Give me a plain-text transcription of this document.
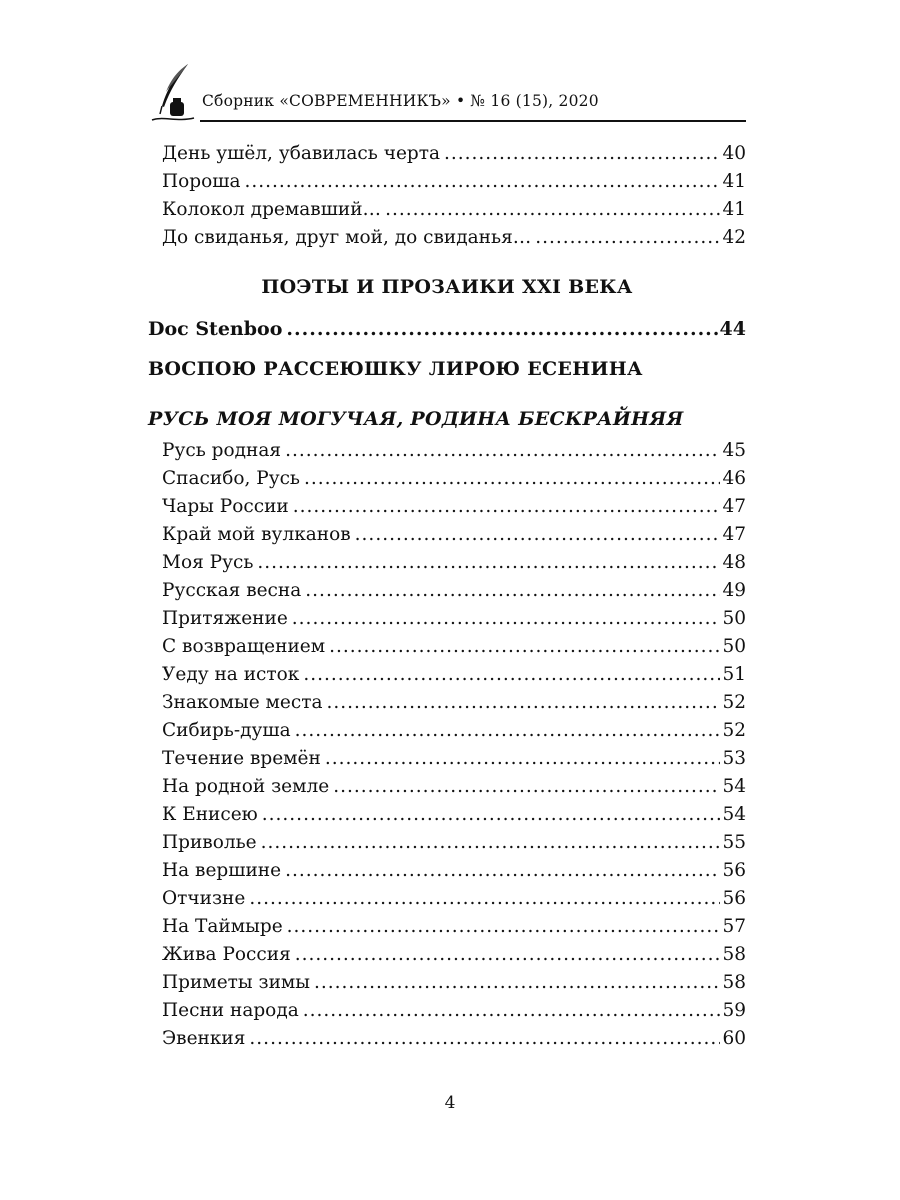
Сборник «СОВРЕМЕННИКЪ» • № 16 (15), 2020
День ушёл, убавилась черта .....	40
Пороша .....	41
Колокол дремавший… .....	41
До свиданья, друг мой, до свиданья… .....	42
ПОЭТЫ И ПРОЗАИКИ XXI ВЕКА
Doc Stenboo .....	44
ВОСПОЮ РАССЕЮШКУ ЛИРОЮ ЕСЕНИНА
РУСЬ МОЯ МОГУЧАЯ, РОДИНА БЕСКРАЙНЯЯ
Русь родная .....	45
Спасибо, Русь .....	46
Чары России .....	47
Край мой вулканов .....	47
Моя Русь .....	48
Русская весна .....	49
Притяжение .....	50
С возвращением .....	50
Уеду на исток .....	51
Знакомые места .....	52
Сибирь-душа .....	52
Течение времён .....	53
На родной земле .....	54
К Енисею .....	54
Приволье .....	55
На вершине .....	56
Отчизне .....	56
На Таймыре .....	57
Жива Россия .....	58
Приметы зимы .....	58
Песни народа .....	59
Эвенкия .....	60
4
